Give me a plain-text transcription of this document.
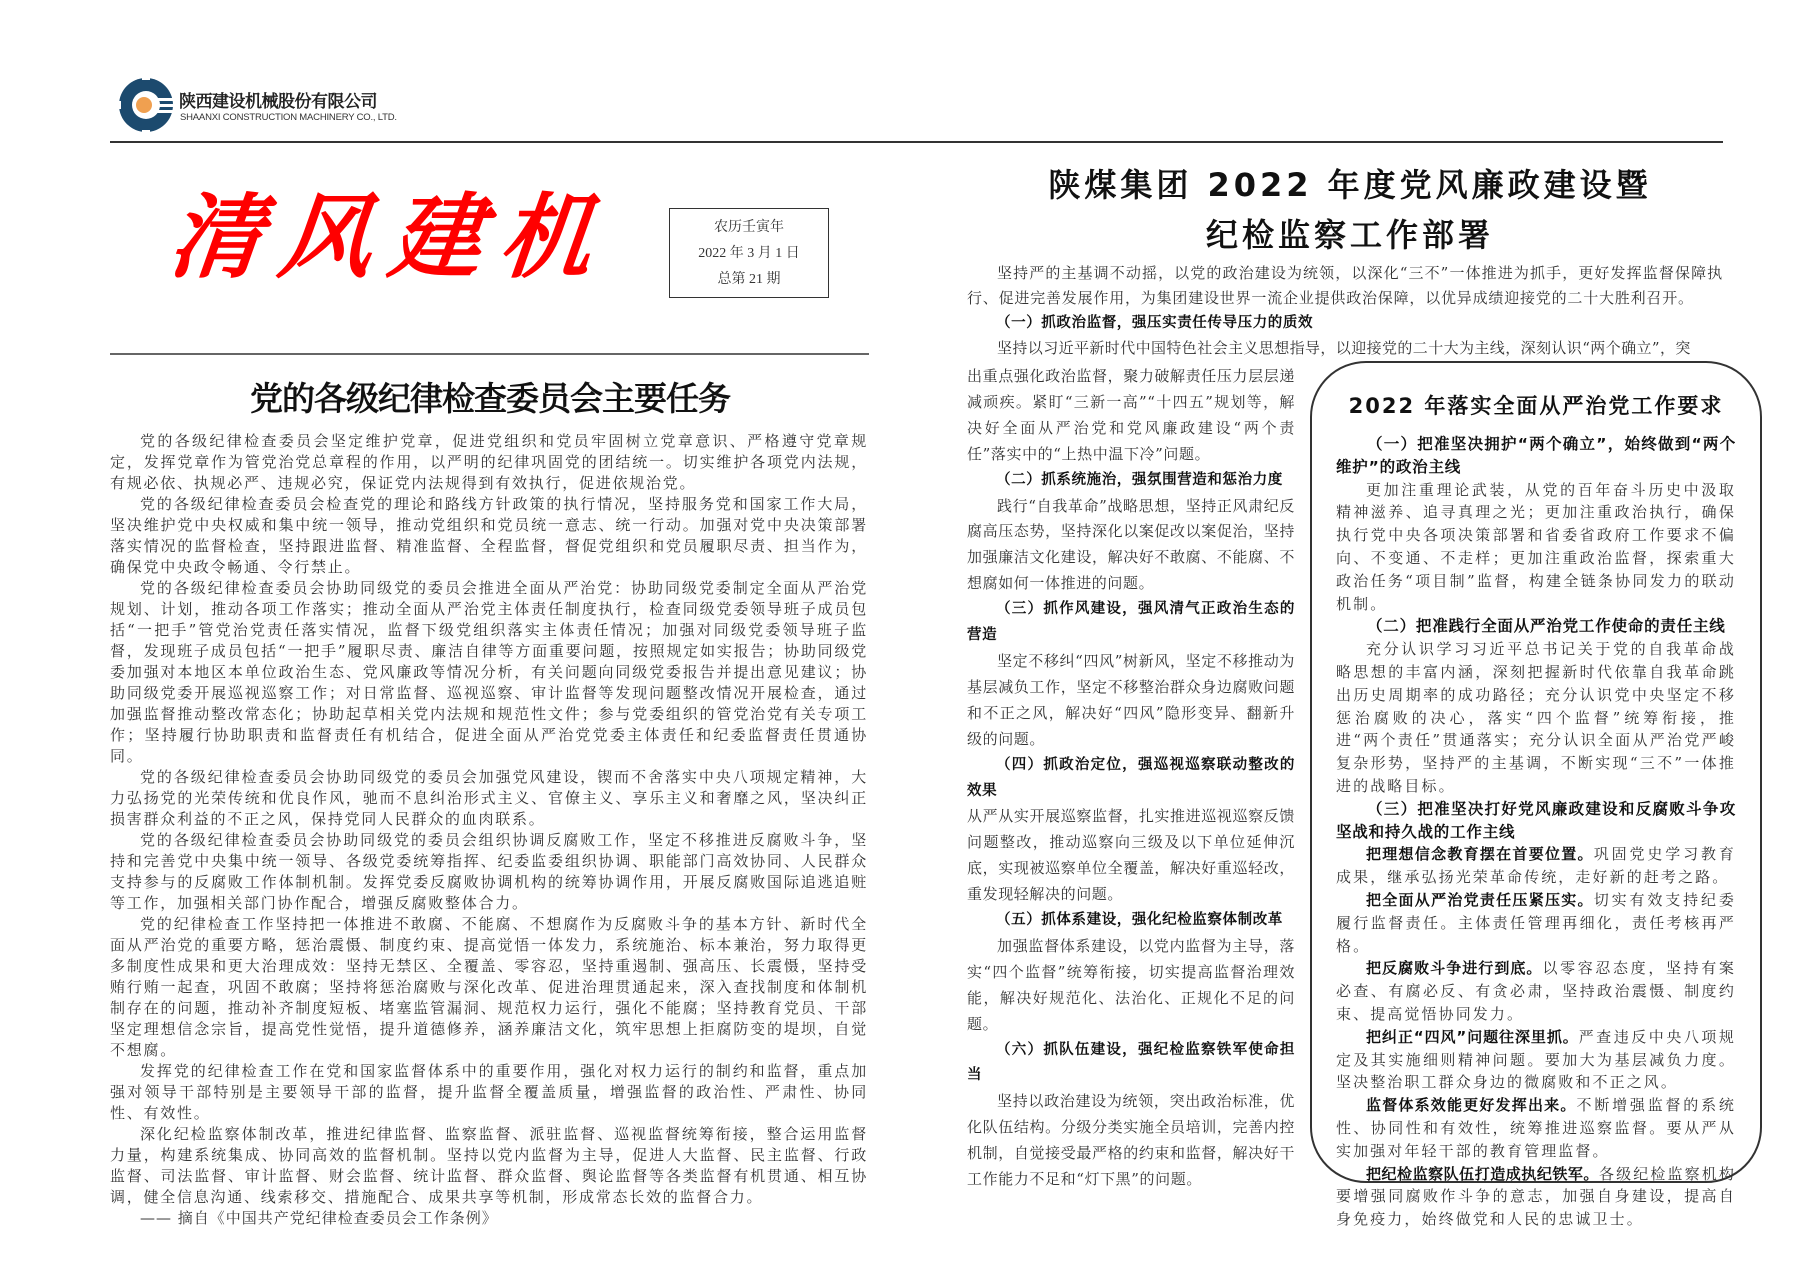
陕西建设机械股份有限公司
SHAANXI CONSTRUCTION MACHINERY CO., LTD.
清风建机	农历壬寅年
2022 年 3 月 1 日
总第 21 期
党的各级纪律检查委员会主要任务

党的各级纪律检查委员会坚定维护党章，促进党组织和党员牢固树立党章意识、严格遵守党章规定，发挥党章作为管党治党总章程的作用，以严明的纪律巩固党的团结统一。切实维护各项党内法规，有规必依、执规必严、违规必究，保证党内法规得到有效执行，促进依规治党。

党的各级纪律检查委员会检查党的理论和路线方针政策的执行情况，坚持服务党和国家工作大局，坚决维护党中央权威和集中统一领导，推动党组织和党员统一意志、统一行动。加强对党中央决策部署落实情况的监督检查，坚持跟进监督、精准监督、全程监督，督促党组织和党员履职尽责、担当作为，确保党中央政令畅通、令行禁止。

党的各级纪律检查委员会协助同级党的委员会推进全面从严治党：协助同级党委制定全面从严治党规划、计划，推动各项工作落实；推动全面从严治党主体责任制度执行，检查同级党委领导班子成员包括“一把手”管党治党责任落实情况，监督下级党组织落实主体责任情况；加强对同级党委领导班子监督，发现班子成员包括“一把手”履职尽责、廉洁自律等方面重要问题，按照规定如实报告；协助同级党委加强对本地区本单位政治生态、党风廉政等情况分析，有关问题向同级党委报告并提出意见建议；协助同级党委开展巡视巡察工作；对日常监督、巡视巡察、审计监督等发现问题整改情况开展检查，通过加强监督推动整改常态化；协助起草相关党内法规和规范性文件；参与党委组织的管党治党有关专项工作；坚持履行协助职责和监督责任有机结合，促进全面从严治党党委主体责任和纪委监督责任贯通协同。

党的各级纪律检查委员会协助同级党的委员会加强党风建设，锲而不舍落实中央八项规定精神，大力弘扬党的光荣传统和优良作风，驰而不息纠治形式主义、官僚主义、享乐主义和奢靡之风，坚决纠正损害群众利益的不正之风，保持党同人民群众的血肉联系。

党的各级纪律检查委员会协助同级党的委员会组织协调反腐败工作，坚定不移推进反腐败斗争，坚持和完善党中央集中统一领导、各级党委统筹指挥、纪委监委组织协调、职能部门高效协同、人民群众支持参与的反腐败工作体制机制。发挥党委反腐败协调机构的统筹协调作用，开展反腐败国际追逃追赃等工作，加强相关部门协作配合，增强反腐败整体合力。

党的纪律检查工作坚持把一体推进不敢腐、不能腐、不想腐作为反腐败斗争的基本方针、新时代全面从严治党的重要方略，惩治震慑、制度约束、提高觉悟一体发力，系统施治、标本兼治，努力取得更多制度性成果和更大治理成效：坚持无禁区、全覆盖、零容忍，坚持重遏制、强高压、长震慑，坚持受贿行贿一起查，巩固不敢腐；坚持将惩治腐败与深化改革、促进治理贯通起来，深入查找制度和体制机制存在的问题，推动补齐制度短板、堵塞监管漏洞、规范权力运行，强化不能腐；坚持教育党员、干部坚定理想信念宗旨，提高党性觉悟，提升道德修养，涵养廉洁文化，筑牢思想上拒腐防变的堤坝，自觉不想腐。

发挥党的纪律检查工作在党和国家监督体系中的重要作用，强化对权力运行的制约和监督，重点加强对领导干部特别是主要领导干部的监督，提升监督全覆盖质量，增强监督的政治性、严肃性、协同性、有效性。

深化纪检监察体制改革，推进纪律监督、监察监督、派驻监督、巡视监督统筹衔接，整合运用监督力量，构建系统集成、协同高效的监督机制。坚持以党内监督为主导，促进人大监督、民主监督、行政监督、司法监督、审计监督、财会监督、统计监督、群众监督、舆论监督等各类监督有机贯通、相互协调，健全信息沟通、线索移交、措施配合、成果共享等机制，形成常态长效的监督合力。

—— 摘自《中国共产党纪律检查委员会工作条例》

陕煤集团 2022 年度党风廉政建设暨
纪检监察工作部署

坚持严的主基调不动摇，以党的政治建设为统领，以深化“三不”一体推进为抓手，更好发挥监督保障执行、促进完善发展作用，为集团建设世界一流企业提供政治保障，以优异成绩迎接党的二十大胜利召开。

（一）抓政治监督，强压实责任传导压力的质效

坚持以习近平新时代中国特色社会主义思想指导，以迎接党的二十大为主线，深刻认识“两个确立”，突

出重点强化政治监督，聚力破解责任压力层层递减顽疾。紧盯“三新一高”“十四五”规划等，解决好全面从严治党和党风廉政建设“两个责任”落实中的“上热中温下冷”问题。

（二）抓系统施治，强氛围营造和惩治力度

践行“自我革命”战略思想，坚持正风肃纪反腐高压态势，坚持深化以案促改以案促治，坚持加强廉洁文化建设，解决好不敢腐、不能腐、不想腐如何一体推进的问题。

（三）抓作风建设，强风清气正政治生态的营造

坚定不移纠“四风”树新风，坚定不移推动为基层减负工作，坚定不移整治群众身边腐败问题和不正之风，解决好“四风”隐形变异、翻新升级的问题。

（四）抓政治定位，强巡视巡察联动整改的效果

从严从实开展巡察监督，扎实推进巡视巡察反馈问题整改，推动巡察向三级及以下单位延伸沉底，实现被巡察单位全覆盖，解决好重巡轻改，重发现轻解决的问题。

（五）抓体系建设，强化纪检监察体制改革

加强监督体系建设，以党内监督为主导，落实“四个监督”统筹衔接，切实提高监督治理效能，解决好规范化、法治化、正规化不足的问题。

（六）抓队伍建设，强纪检监察铁军使命担当

坚持以政治建设为统领，突出政治标准，优化队伍结构。分级分类实施全员培训，完善内控机制，自觉接受最严格的约束和监督，解决好干工作能力不足和“灯下黑”的问题。

2022 年落实全面从严治党工作要求

（一）把准坚决拥护“两个确立”，始终做到“两个维护”的政治主线

更加注重理论武装，从党的百年奋斗历史中汲取精神滋养、追寻真理之光；更加注重政治执行，确保执行党中央各项决策部署和省委省政府工作要求不偏向、不变通、不走样；更加注重政治监督，探索重大政治任务“项目制”监督，构建全链条协同发力的联动机制。

（二）把准践行全面从严治党工作使命的责任主线

充分认识学习习近平总书记关于党的自我革命战略思想的丰富内涵，深刻把握新时代依靠自我革命跳出历史周期率的成功路径；充分认识党中央坚定不移惩治腐败的决心，落实“四个监督”统筹衔接，推进“两个责任”贯通落实；充分认识全面从严治党严峻复杂形势，坚持严的主基调，不断实现“三不”一体推进的战略目标。

（三）把准坚决打好党风廉政建设和反腐败斗争攻坚战和持久战的工作主线

把理想信念教育摆在首要位置。巩固党史学习教育成果，继承弘扬光荣革命传统，走好新的赶考之路。

把全面从严治党责任压紧压实。切实有效支持纪委履行监督责任。主体责任管理再细化，责任考核再严格。

把反腐败斗争进行到底。以零容忍态度，坚持有案必查、有腐必反、有贪必肃，坚持政治震慑、制度约束、提高觉悟协同发力。

把纠正“四风”问题往深里抓。严查违反中央八项规定及其实施细则精神问题。要加大为基层减负力度。坚决整治职工群众身边的微腐败和不正之风。

监督体系效能更好发挥出来。不断增强监督的系统性、协同性和有效性，统筹推进巡察监督。要从严从实加强对年轻干部的教育管理监督。

把纪检监察队伍打造成执纪铁军。各级纪检监察机构要增强同腐败作斗争的意志，加强自身建设，提高自身免疫力，始终做党和人民的忠诚卫士。
